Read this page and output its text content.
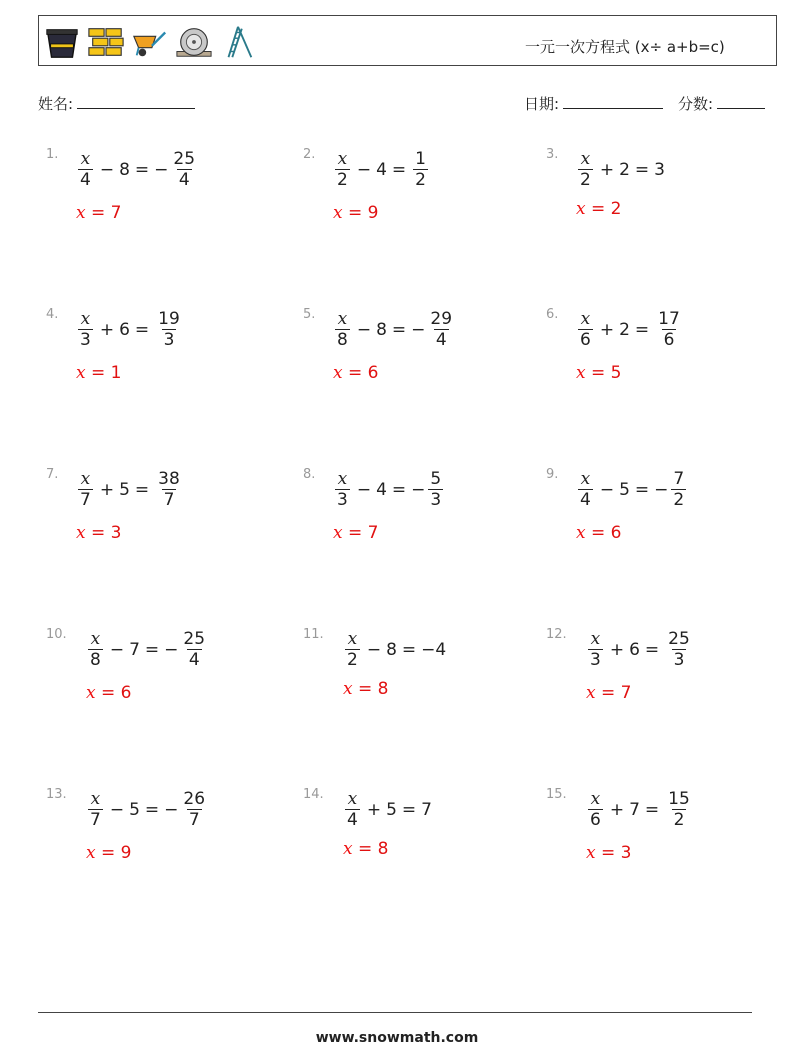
一元一次方程式 (x÷ a+b=c)
姓名:	日期:	分数:
1. $\frac{x}{4} - 8$ = − $\frac{25}{4}$
x = 7
2. $\frac{x}{2} - 4 = \frac{1}{2}$
x = 9
3. $\frac{x}{2} + 2 = 3$
x = 2
4. $\frac{x}{3} + 6 = \frac{19}{3}$
x = 1
5. $\frac{x}{8} - 8$ = − $\frac{29}{4}$
x = 6
6. $\frac{x}{6} + 2 = \frac{17}{6}$
x = 5
7. $\frac{x}{7} + 5 = \frac{38}{7}$
x = 3
8. $\frac{x}{3} - 4$ = − $\frac{5}{3}$
x = 7
9. $\frac{x}{4} - 5$ = − $\frac{7}{2}$
x = 6
10. $\frac{x}{8} - 7$ = − $\frac{25}{4}$
x = 6
11. $\frac{x}{2} - 8 = -4$
x = 8
12. $\frac{x}{3} + 6 = \frac{25}{3}$
x = 7
13. $\frac{x}{7} - 5$ = − $\frac{26}{7}$
x = 9
14. $\frac{x}{4} + 5 = 7$
x = 8
15. $\frac{x}{6} + 7 = \frac{15}{2}$
x = 3
www.snowmath.com
